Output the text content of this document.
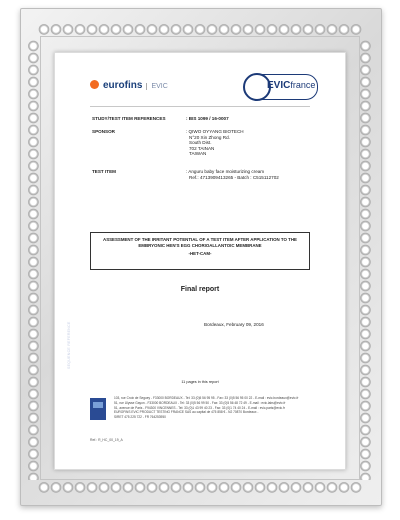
eurofins EVIC	EVICfrance
STUDY/TEST ITEM REFERENCES	: BIS 1099 / 16-0007
SPONSOR	: QIWO OYYANG BIOTECH
N°20 Xin Zhong Rd.
South Dist.
702 TAINAN
TAIWAN
TEST ITEM	: Anguru baby face moisturizing cream
Ref.: 4713909413265 - Batch : C515112702
ASSESSMENT OF THE IRRITANT POTENTIAL OF A TEST ITEM AFTER APPLICATION TO THE
EMBRYONIC HEN'S EGG CHORIOALLANTOIC MEMBRANE
-HET-CAM-
Final report
Bordeaux, February 09, 2016
SEQUENCE REFERENCE
11 pages in this report
103, rue Croix de Seguey - F33000 BORDEAUX - Tel: 33 (0)5 56 95 95 - Fax: 33 (0)5 56 95 00 22 - E-mail : evic.bordeaux@evic.fr
51, rue Ulysse Gayon - F33000 BORDEAUX - Tel: 33 (0)5 56 99 50 - Fax: 33 (0)5 56 48 72 49 - E-mail : evic.labs@evic.fr
51, avenue de Paris - F94300 VINCENNES - Tel: 33 (0)1 43 99 40 23 - Fax: 33 (0)1 74 40 24 - E-mail : evic.paris@evic.fr
EUROFINS EVIC PRODUCT TESTING FRANCE SAS au capital de 475 858 € - N2 70870 Bordeaux -
SIRET 475 225 722 - FR 764253950
Ref.: R_HC_00_19_A
